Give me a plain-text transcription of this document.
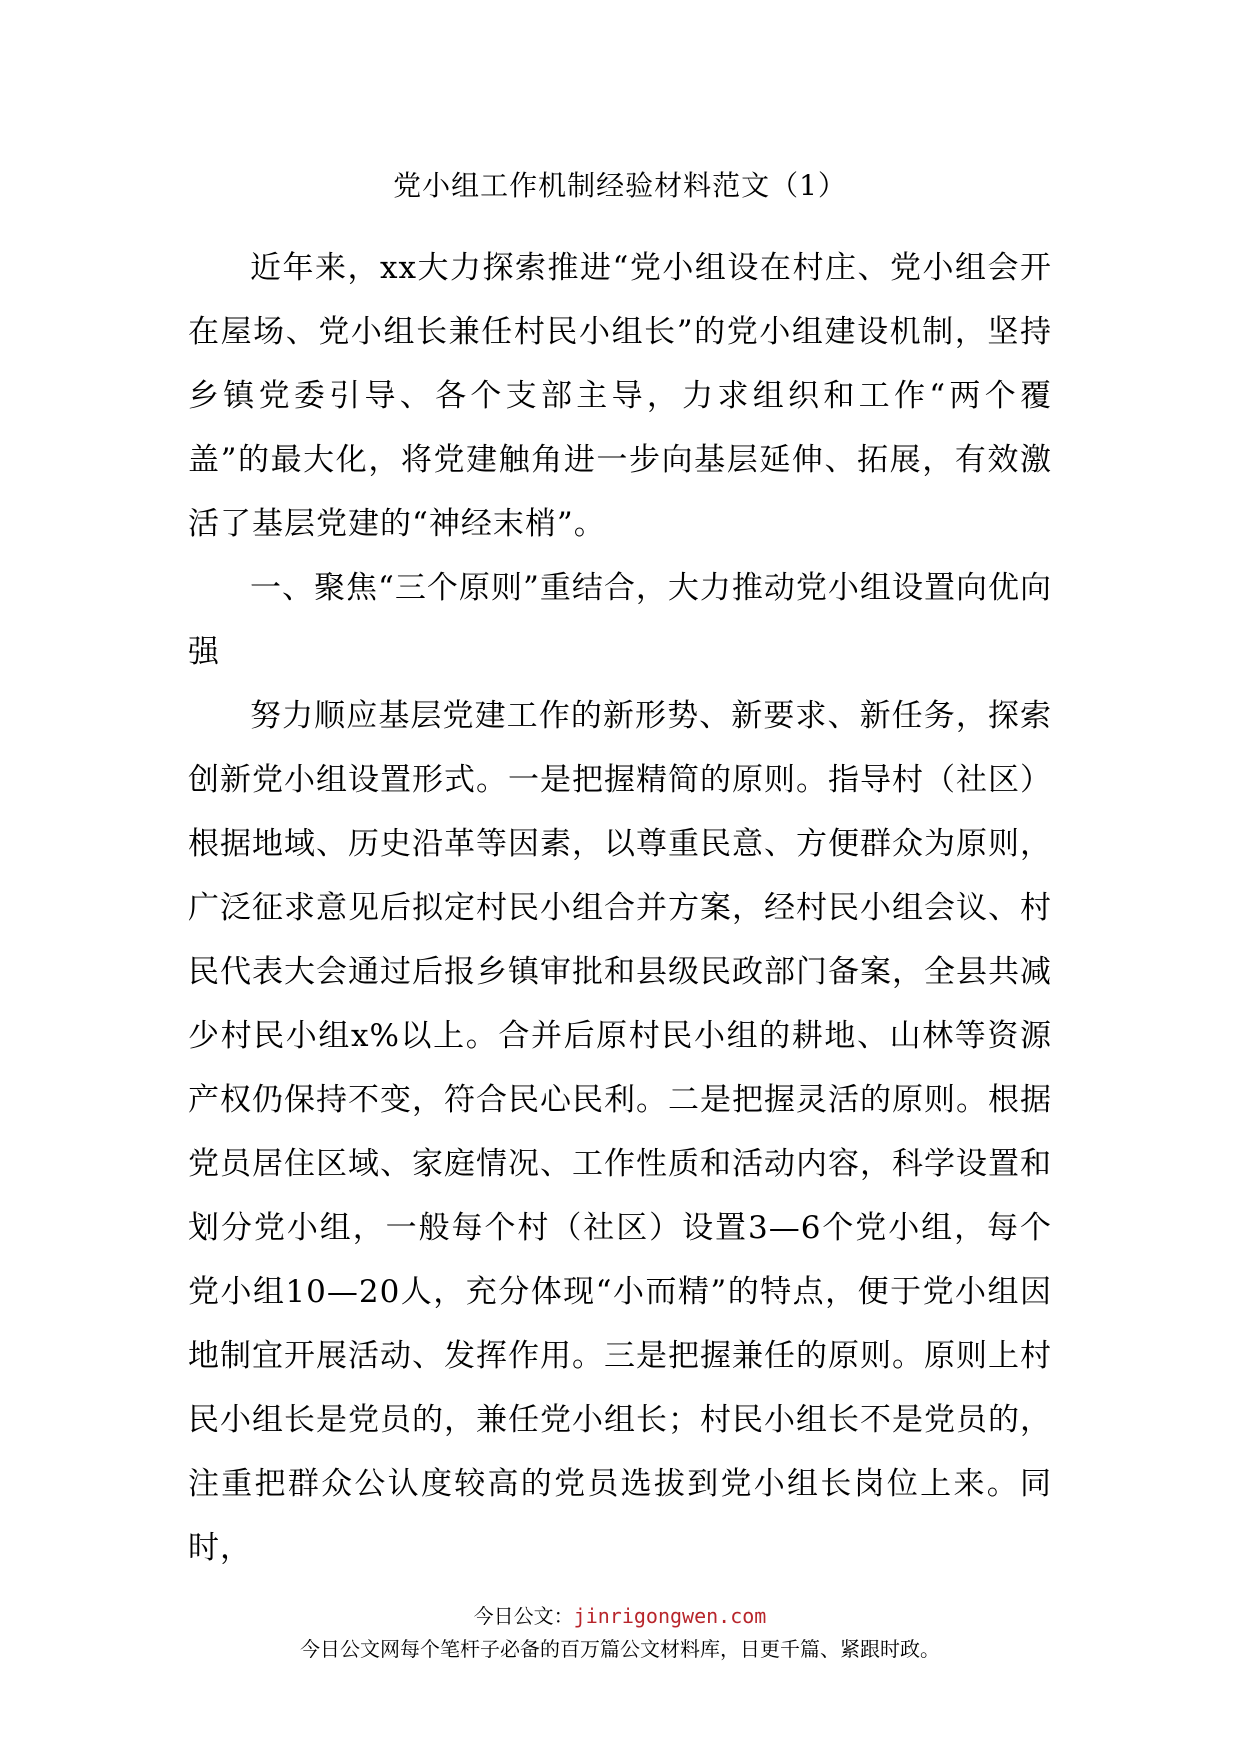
党小组工作机制经验材料范文（1）

近年来，xx大力探索推进“党小组设在村庄、党小组会开在屋场、党小组长兼任村民小组长”的党小组建设机制，坚持乡镇党委引导、各个支部主导，力求组织和工作“两个覆盖”的最大化，将党建触角进一步向基层延伸、拓展，有效激活了基层党建的“神经末梢”。

一、聚焦“三个原则”重结合，大力推动党小组设置向优向强

努力顺应基层党建工作的新形势、新要求、新任务，探索创新党小组设置形式。一是把握精简的原则。指导村（社区）根据地域、历史沿革等因素，以尊重民意、方便群众为原则，广泛征求意见后拟定村民小组合并方案，经村民小组会议、村民代表大会通过后报乡镇审批和县级民政部门备案，全县共减少村民小组x%以上。合并后原村民小组的耕地、山林等资源产权仍保持不变，符合民心民利。二是把握灵活的原则。根据党员居住区域、家庭情况、工作性质和活动内容，科学设置和划分党小组，一般每个村（社区）设置3—6个党小组，每个党小组10—20人，充分体现“小而精”的特点，便于党小组因地制宜开展活动、发挥作用。三是把握兼任的原则。原则上村民小组长是党员的，兼任党小组长；村民小组长不是党员的，注重把群众公认度较高的党员选拔到党小组长岗位上来。同时，

今日公文：jinrigongwen.com
今日公文网每个笔杆子必备的百万篇公文材料库，日更千篇、紧跟时政。
